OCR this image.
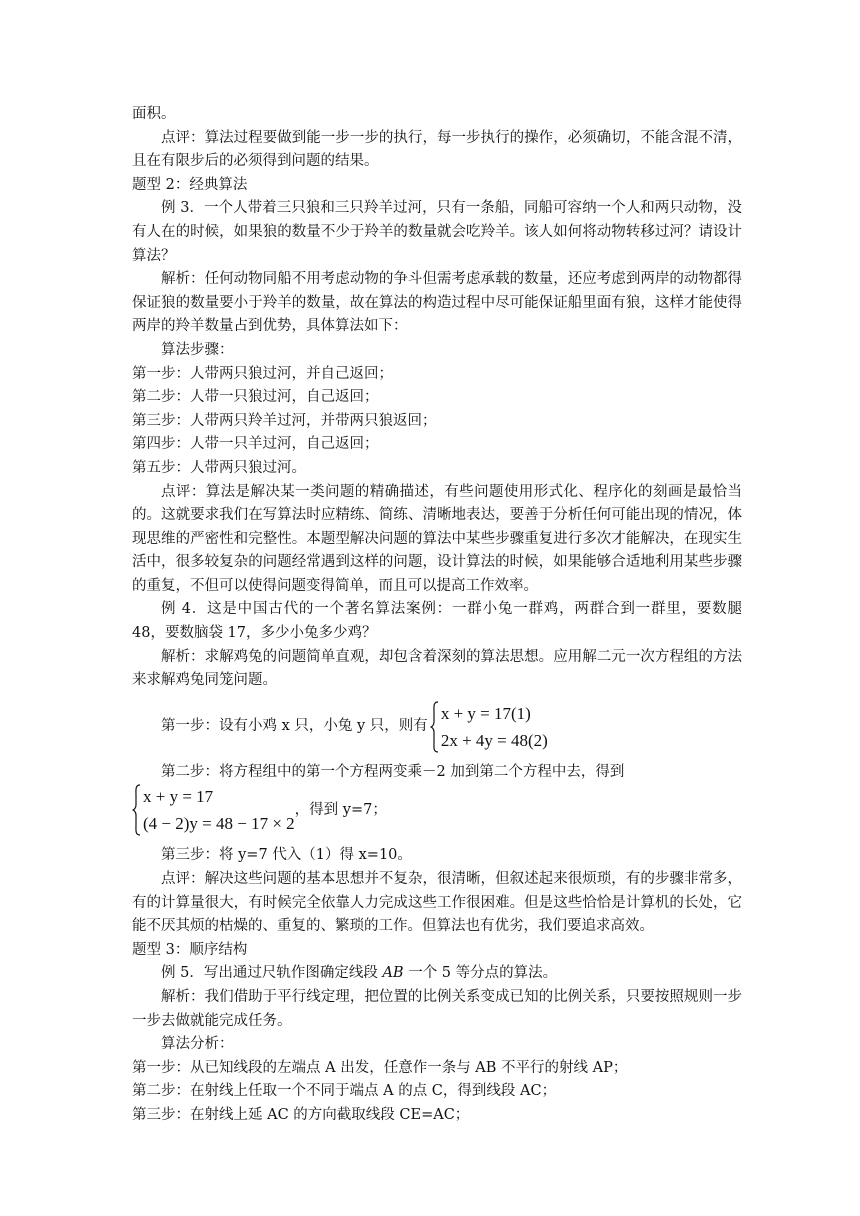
面积。

点评：算法过程要做到能一步一步的执行，每一步执行的操作，必须确切，不能含混不清，且在有限步后的必须得到问题的结果。

题型 2：经典算法

例 3．一个人带着三只狼和三只羚羊过河，只有一条船，同船可容纳一个人和两只动物，没有人在的时候，如果狼的数量不少于羚羊的数量就会吃羚羊。该人如何将动物转移过河？请设计算法？

解析：任何动物同船不用考虑动物的争斗但需考虑承载的数量，还应考虑到两岸的动物都得保证狼的数量要小于羚羊的数量，故在算法的构造过程中尽可能保证船里面有狼，这样才能使得两岸的羚羊数量占到优势，具体算法如下：

算法步骤：

第一步：人带两只狼过河，并自己返回；

第二步：人带一只狼过河，自己返回；

第三步：人带两只羚羊过河，并带两只狼返回；

第四步：人带一只羊过河，自己返回；

第五步：人带两只狼过河。

点评：算法是解决某一类问题的精确描述，有些问题使用形式化、程序化的刻画是最恰当的。这就要求我们在写算法时应精练、简练、清晰地表达，要善于分析任何可能出现的情况，体现思维的严密性和完整性。本题型解决问题的算法中某些步骤重复进行多次才能解决，在现实生活中，很多较复杂的问题经常遇到这样的问题，设计算法的时候，如果能够合适地利用某些步骤的重复，不但可以使得问题变得简单，而且可以提高工作效率。

例 4．这是中国古代的一个著名算法案例：一群小兔一群鸡，两群合到一群里，要数腿 48，要数脑袋 17，多少小兔多少鸡？

解析：求解鸡兔的问题简单直观，却包含着深刻的算法思想。应用解二元一次方程组的方法来求解鸡兔同笼问题。

第一步：设有小鸡 x 只，小兔 y 只，则有
x + y = 17(1)
2x + 4y = 48(2)

第二步：将方程组中的第一个方程两变乘－2 加到第二个方程中去，得到

x + y = 17
(4 − 2)y = 48 − 17 × 2
，得到 y=7；

第三步：将 y=7 代入（1）得 x=10。

点评：解决这些问题的基本思想并不复杂，很清晰，但叙述起来很烦琐，有的步骤非常多，有的计算量很大，有时候完全依靠人力完成这些工作很困难。但是这些恰恰是计算机的长处，它能不厌其烦的枯燥的、重复的、繁琐的工作。但算法也有优劣，我们要追求高效。

题型 3：顺序结构

例 5．写出通过尺轨作图确定线段 AB 一个 5 等分点的算法。

解析：我们借助于平行线定理，把位置的比例关系变成已知的比例关系，只要按照规则一步一步去做就能完成任务。

算法分析：

第一步：从已知线段的左端点 A 出发，任意作一条与 AB 不平行的射线 AP；

第二步：在射线上任取一个不同于端点 A 的点 C，得到线段 AC；

第三步：在射线上延 AC 的方向截取线段 CE=AC；
